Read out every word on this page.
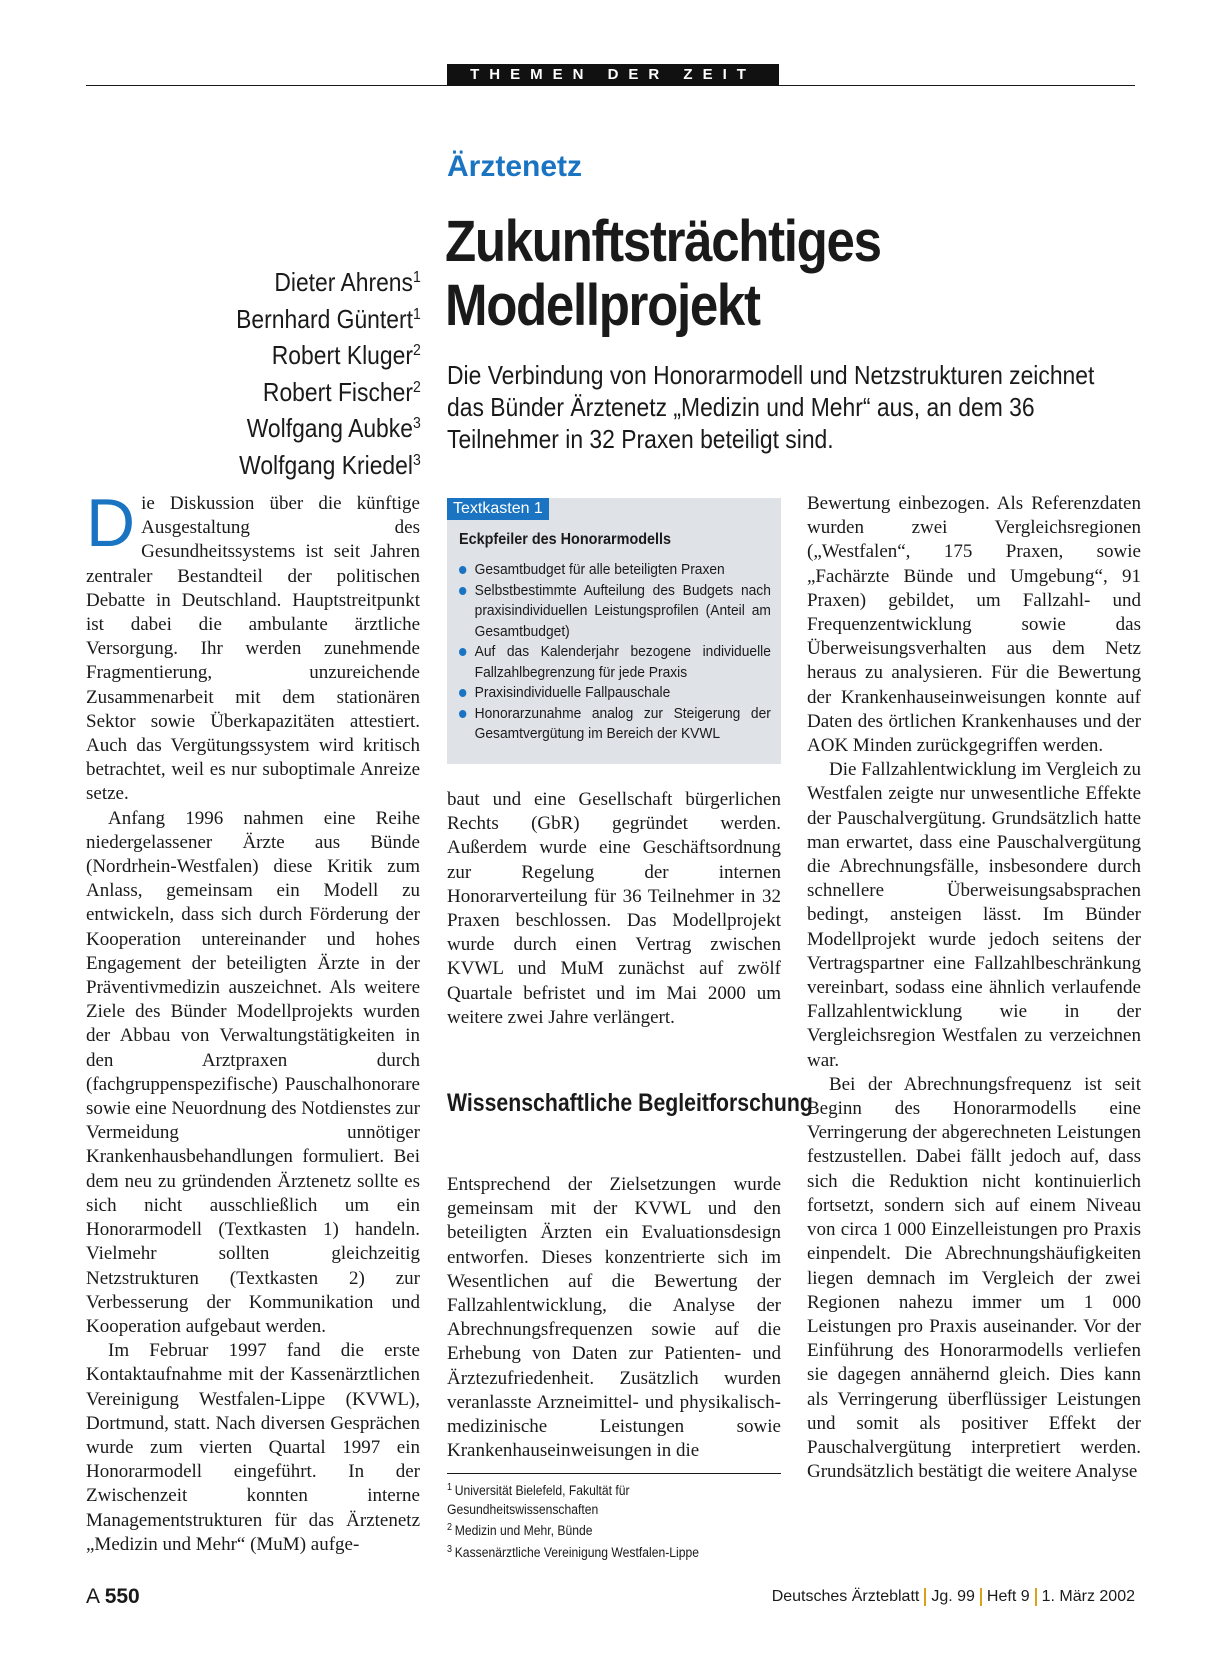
THEMEN DER ZEIT
Ärztenetz
Zukunftsträchtiges
Modellprojekt
Die Verbindung von Honorarmodell und Netzstrukturen zeichnet das Bünder Ärztenetz „Medizin und Mehr“ aus, an dem 36 Teilnehmer in 32 Praxen beteiligt sind.
Dieter Ahrens$^1$
Bernhard Güntert$^1$
Robert Kluger$^2$
Robert Fischer$^2$
Wolfgang Aubke$^3$
Wolfgang Kriedel$^3$

Die Diskussion über die künftige Ausgestaltung des Gesundheitssystems ist seit Jahren zentraler Bestandteil der politischen Debatte in Deutschland. Hauptstreitpunkt ist dabei die ambulante ärztliche Versorgung. Ihr werden zunehmende Fragmentierung, unzureichende Zusammenarbeit mit dem stationären Sektor sowie Überkapazitäten attestiert. Auch das Vergütungssystem wird kritisch betrachtet, weil es nur suboptimale Anreize setze.

Anfang 1996 nahmen eine Reihe niedergelassener Ärzte aus Bünde (Nordrhein-Westfalen) diese Kritik zum Anlass, gemeinsam ein Modell zu entwickeln, dass sich durch Förderung der Kooperation untereinander und hohes Engagement der beteiligten Ärzte in der Präventivmedizin auszeichnet. Als weitere Ziele des Bünder Modellprojekts wurden der Abbau von Verwaltungstätigkeiten in den Arztpraxen durch (fachgruppenspezifische) Pauschalhonorare sowie eine Neuordnung des Notdienstes zur Vermeidung unnötiger Krankenhausbehandlungen formuliert. Bei dem neu zu gründenden Ärztenetz sollte es sich nicht ausschließlich um ein Honorarmodell (Textkasten 1) handeln. Vielmehr sollten gleichzeitig Netzstrukturen (Textkasten 2) zur Verbesserung der Kommunikation und Kooperation aufgebaut werden.

Im Februar 1997 fand die erste Kontaktaufnahme mit der Kassenärztlichen Vereinigung Westfalen-Lippe (KVWL), Dortmund, statt. Nach diversen Gesprächen wurde zum vierten Quartal 1997 ein Honorarmodell eingeführt. In der Zwischenzeit konnten interne Managementstrukturen für das Ärztenetz „Medizin und Mehr“ (MuM) aufge-

Textkasten 1
Eckpfeiler des Honorarmodells
Gesamtbudget für alle beteiligten Praxen
Selbstbestimmte Aufteilung des Budgets nach praxisindividuellen Leistungsprofilen (Anteil am Gesamtbudget)
Auf das Kalenderjahr bezogene individuelle Fallzahlbegrenzung für jede Praxis
Praxisindividuelle Fallpauschale
Honorarzunahme analog zur Steigerung der Gesamtvergütung im Bereich der KVWL

baut und eine Gesellschaft bürgerlichen Rechts (GbR) gegründet werden. Außerdem wurde eine Geschäftsordnung zur Regelung der internen Honorarverteilung für 36 Teilnehmer in 32 Praxen beschlossen. Das Modellprojekt wurde durch einen Vertrag zwischen KVWL und MuM zunächst auf zwölf Quartale befristet und im Mai 2000 um weitere zwei Jahre verlängert.

Wissenschaftliche Begleitforschung

Entsprechend der Zielsetzungen wurde gemeinsam mit der KVWL und den beteiligten Ärzten ein Evaluationsdesign entworfen. Dieses konzentrierte sich im Wesentlichen auf die Bewertung der Fallzahlentwicklung, die Analyse der Abrechnungsfrequenzen sowie auf die Erhebung von Daten zur Patienten- und Ärztezufriedenheit. Zusätzlich wurden veranlasste Arzneimittel- und physikalisch-medizinische Leistungen sowie Krankenhauseinweisungen in die

$^1$ Universität Bielefeld, Fakultät für Gesundheitswissenschaften
$^2$ Medizin und Mehr, Bünde
$^3$ Kassenärztliche Vereinigung Westfalen-Lippe

Bewertung einbezogen. Als Referenzdaten wurden zwei Vergleichsregionen („Westfalen“, 175 Praxen, sowie „Fachärzte Bünde und Umgebung“, 91 Praxen) gebildet, um Fallzahl- und Frequenzentwicklung sowie das Überweisungsverhalten aus dem Netz heraus zu analysieren. Für die Bewertung der Krankenhauseinweisungen konnte auf Daten des örtlichen Krankenhauses und der AOK Minden zurückgegriffen werden.

Die Fallzahlentwicklung im Vergleich zu Westfalen zeigte nur unwesentliche Effekte der Pauschalvergütung. Grundsätzlich hatte man erwartet, dass eine Pauschalvergütung die Abrechnungsfälle, insbesondere durch schnellere Überweisungsabsprachen bedingt, ansteigen lässt. Im Bünder Modellprojekt wurde jedoch seitens der Vertragspartner eine Fallzahlbeschränkung vereinbart, sodass eine ähnlich verlaufende Fallzahlentwicklung wie in der Vergleichsregion Westfalen zu verzeichnen war.

Bei der Abrechnungsfrequenz ist seit Beginn des Honorarmodells eine Verringerung der abgerechneten Leistungen festzustellen. Dabei fällt jedoch auf, dass sich die Reduktion nicht kontinuierlich fortsetzt, sondern sich auf einem Niveau von circa 1 000 Einzelleistungen pro Praxis einpendelt. Die Abrechnungshäufigkeiten liegen demnach im Vergleich der zwei Regionen nahezu immer um 1 000 Leistungen pro Praxis auseinander. Vor der Einführung des Honorarmodells verliefen sie dagegen annähernd gleich. Dies kann als Verringerung überflüssiger Leistungen und somit als positiver Effekt der Pauschalvergütung interpretiert werden. Grundsätzlich bestätigt die weitere Analyse

A 550	Deutsches Ärzteblatt Jg. 99 Heft 9 1. März 2002
